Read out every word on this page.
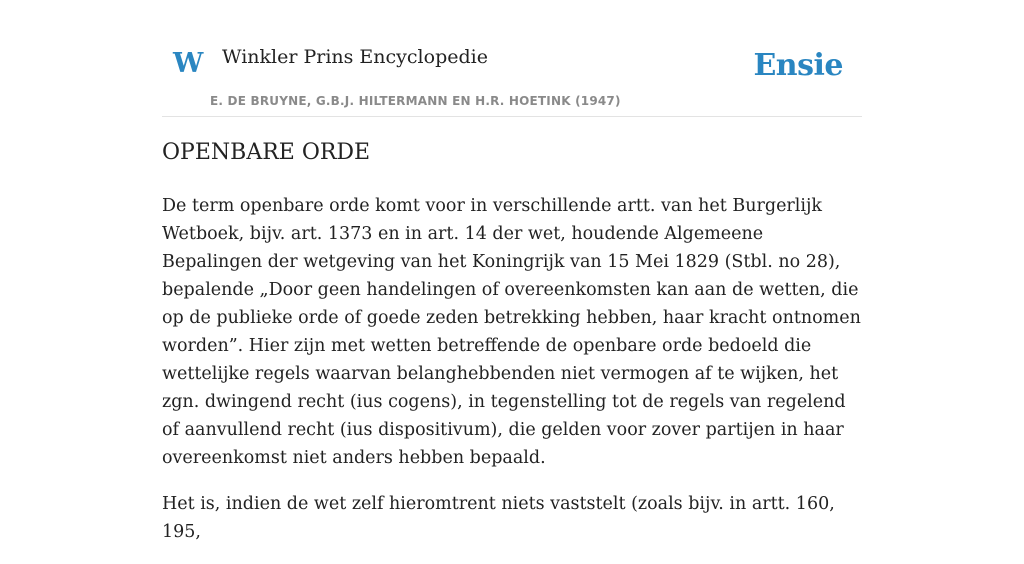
W Winkler Prins Encyclopedie
E. DE BRUYNE, G.B.J. HILTERMANN EN H.R. HOETINK (1947)
Ensie
OPENBARE ORDE

De term openbare orde komt voor in verschillende artt. van het Burgerlijk Wetboek, bijv. art. 1373 en in art. 14 der wet, houdende Algemeene Bepalingen der wetgeving van het Koningrijk van 15 Mei 1829 (Stbl. no 28), bepalende „Door geen handelingen of overeenkomsten kan aan de wetten, die op de publieke orde of goede zeden betrekking hebben, haar kracht ontnomen worden”. Hier zijn met wetten betreffende de openbare orde bedoeld die wettelijke regels waarvan belanghebbenden niet vermogen af te wijken, het zgn. dwingend recht (ius cogens), in tegenstelling tot de regels van regelend of aanvullend recht (ius dispositivum), die gelden voor zover partijen in haar overeenkomst niet anders hebben bepaald.

Het is, indien de wet zelf hieromtrent niets vaststelt (zoals bijv. in artt. 160, 195,
